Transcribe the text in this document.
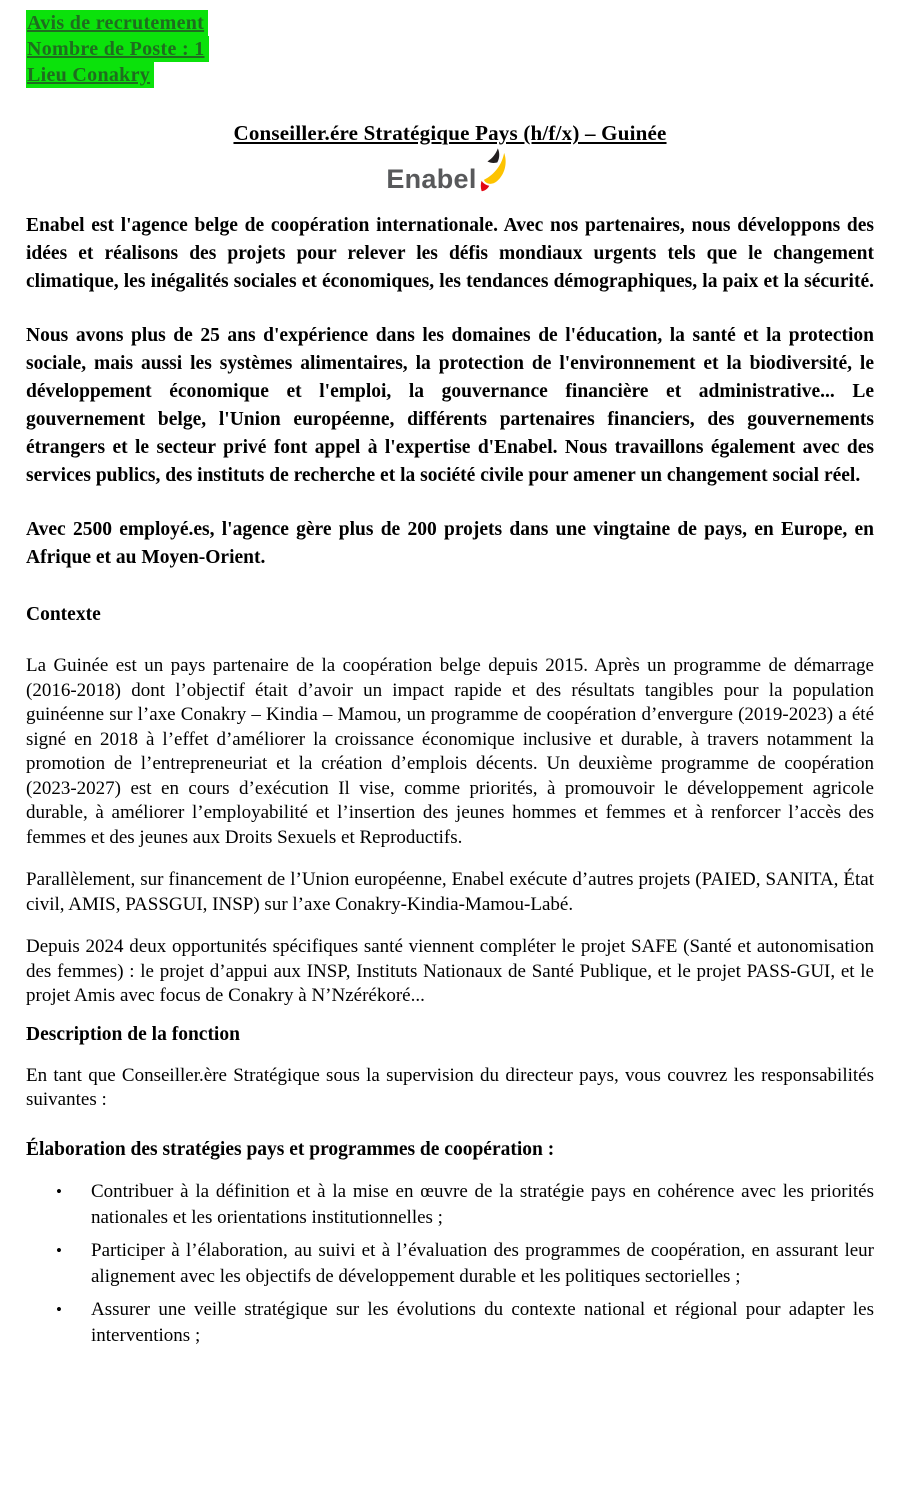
Avis de recrutement
Nombre de Poste : 1
Lieu Conakry
Conseiller.ére Stratégique Pays (h/f/x) – Guinée
Enabel

Enabel est l'agence belge de coopération internationale. Avec nos partenaires, nous développons des idées et réalisons des projets pour relever les défis mondiaux urgents tels que le changement climatique, les inégalités sociales et économiques, les tendances démographiques, la paix et la sécurité.

Nous avons plus de 25 ans d'expérience dans les domaines de l'éducation, la santé et la protection sociale, mais aussi les systèmes alimentaires, la protection de l'environnement et la biodiversité, le développement économique et l'emploi, la gouvernance financière et administrative... Le gouvernement belge, l'Union européenne, différents partenaires financiers, des gouvernements étrangers et le secteur privé font appel à l'expertise d'Enabel. Nous travaillons également avec des services publics, des instituts de recherche et la société civile pour amener un changement social réel.

Avec 2500 employé.es, l'agence gère plus de 200 projets dans une vingtaine de pays, en Europe, en Afrique et au Moyen-Orient.

Contexte

La Guinée est un pays partenaire de la coopération belge depuis 2015. Après un programme de démarrage (2016-2018) dont l’objectif était d’avoir un impact rapide et des résultats tangibles pour la population guinéenne sur l’axe Conakry – Kindia – Mamou, un programme de coopération d’envergure (2019-2023) a été signé en 2018 à l’effet d’améliorer la croissance économique inclusive et durable, à travers notamment la promotion de l’entrepreneuriat et la création d’emplois décents. Un deuxième programme de coopération (2023-2027) est en cours d’exécution Il vise, comme priorités, à promouvoir le développement agricole durable, à améliorer l’employabilité et l’insertion des jeunes hommes et femmes et à renforcer l’accès des femmes et des jeunes aux Droits Sexuels et Reproductifs.

Parallèlement, sur financement de l’Union européenne, Enabel exécute d’autres projets (PAIED, SANITA, État civil, AMIS, PASSGUI, INSP) sur l’axe Conakry-Kindia-Mamou-Labé.

Depuis 2024 deux opportunités spécifiques santé viennent compléter le projet SAFE (Santé et autonomisation des femmes) : le projet d’appui aux INSP, Instituts Nationaux de Santé Publique, et le projet PASS-GUI, et le projet Amis avec focus de Conakry à N’Nzérékoré...

Description de la fonction

En tant que Conseiller.ère Stratégique sous la supervision du directeur pays, vous couvrez les responsabilités suivantes :

Élaboration des stratégies pays et programmes de coopération :
• Contribuer à la définition et à la mise en œuvre de la stratégie pays en cohérence avec les priorités nationales et les orientations institutionnelles ;
• Participer à l’élaboration, au suivi et à l’évaluation des programmes de coopération, en assurant leur alignement avec les objectifs de développement durable et les politiques sectorielles ;
• Assurer une veille stratégique sur les évolutions du contexte national et régional pour adapter les interventions ;
